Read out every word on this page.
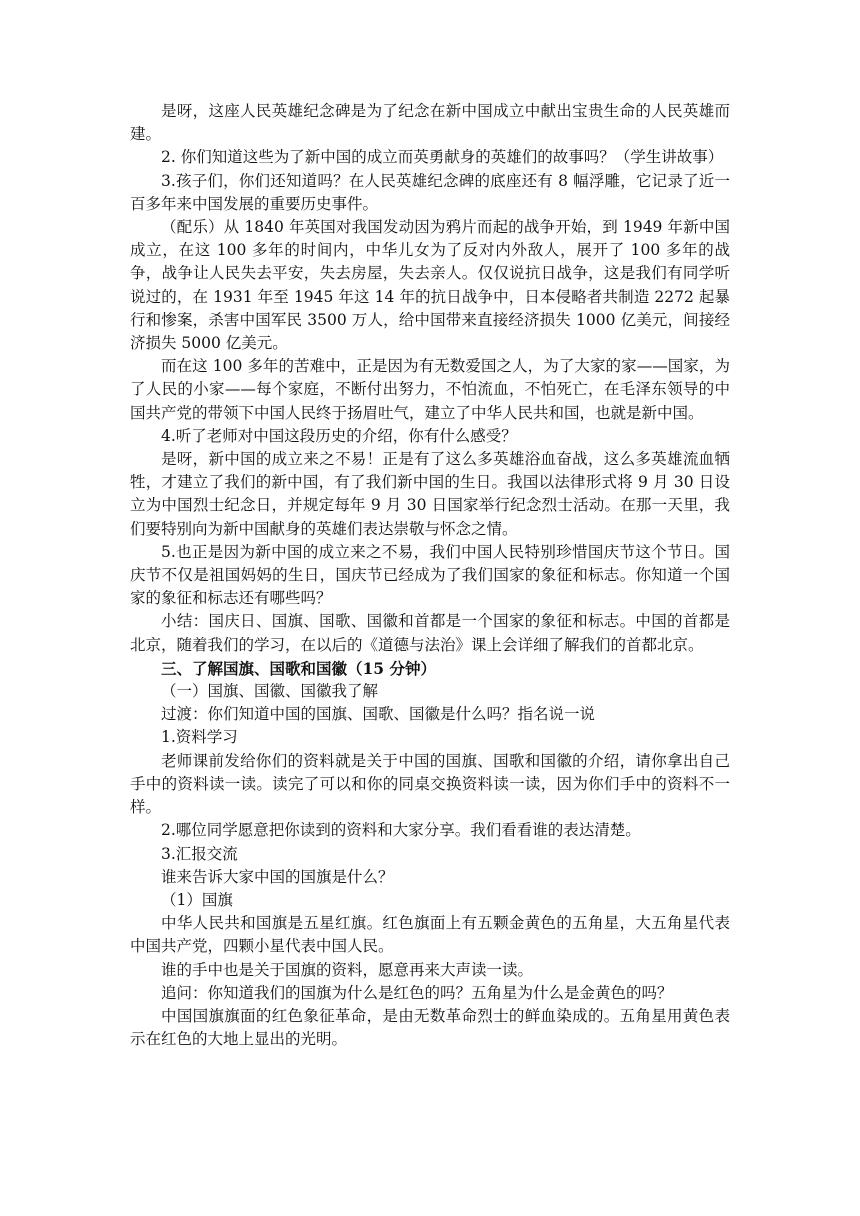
是呀，这座人民英雄纪念碑是为了纪念在新中国成立中献出宝贵生命的人民英雄而建。

2. 你们知道这些为了新中国的成立而英勇献身的英雄们的故事吗？（学生讲故事）

3.孩子们，你们还知道吗？在人民英雄纪念碑的底座还有 8 幅浮雕，它记录了近一百多年来中国发展的重要历史事件。

（配乐）从 1840 年英国对我国发动因为鸦片而起的战争开始，到 1949 年新中国成立，在这 100 多年的时间内，中华儿女为了反对内外敌人，展开了 100 多年的战争，战争让人民失去平安，失去房屋，失去亲人。仅仅说抗日战争，这是我们有同学听说过的，在 1931 年至 1945 年这 14 年的抗日战争中，日本侵略者共制造 2272 起暴行和惨案，杀害中国军民 3500 万人，给中国带来直接经济损失 1000 亿美元，间接经济损失 5000 亿美元。

而在这 100 多年的苦难中，正是因为有无数爱国之人，为了大家的家——国家，为了人民的小家——每个家庭，不断付出努力，不怕流血，不怕死亡，在毛泽东领导的中国共产党的带领下中国人民终于扬眉吐气，建立了中华人民共和国，也就是新中国。

4.听了老师对中国这段历史的介绍，你有什么感受？

是呀，新中国的成立来之不易！正是有了这么多英雄浴血奋战，这么多英雄流血牺牲，才建立了我们的新中国，有了我们新中国的生日。我国以法律形式将 9 月 30 日设立为中国烈士纪念日，并规定每年 9 月 30 日国家举行纪念烈士活动。在那一天里，我们要特别向为新中国献身的英雄们表达崇敬与怀念之情。

5.也正是因为新中国的成立来之不易，我们中国人民特别珍惜国庆节这个节日。国庆节不仅是祖国妈妈的生日，国庆节已经成为了我们国家的象征和标志。你知道一个国家的象征和标志还有哪些吗？

小结：国庆日、国旗、国歌、国徽和首都是一个国家的象征和标志。中国的首都是北京，随着我们的学习，在以后的《道德与法治》课上会详细了解我们的首都北京。

三、了解国旗、国歌和国徽（15 分钟）

（一）国旗、国徽、国徽我了解

过渡：你们知道中国的国旗、国歌、国徽是什么吗？指名说一说

1.资料学习

老师课前发给你们的资料就是关于中国的国旗、国歌和国徽的介绍，请你拿出自己手中的资料读一读。读完了可以和你的同桌交换资料读一读，因为你们手中的资料不一样。

2.哪位同学愿意把你读到的资料和大家分享。我们看看谁的表达清楚。

3.汇报交流

谁来告诉大家中国的国旗是什么？

（1）国旗

中华人民共和国旗是五星红旗。红色旗面上有五颗金黄色的五角星，大五角星代表中国共产党，四颗小星代表中国人民。

谁的手中也是关于国旗的资料，愿意再来大声读一读。

追问：你知道我们的国旗为什么是红色的吗？五角星为什么是金黄色的吗？

中国国旗旗面的红色象征革命，是由无数革命烈士的鲜血染成的。五角星用黄色表示在红色的大地上显出的光明。
